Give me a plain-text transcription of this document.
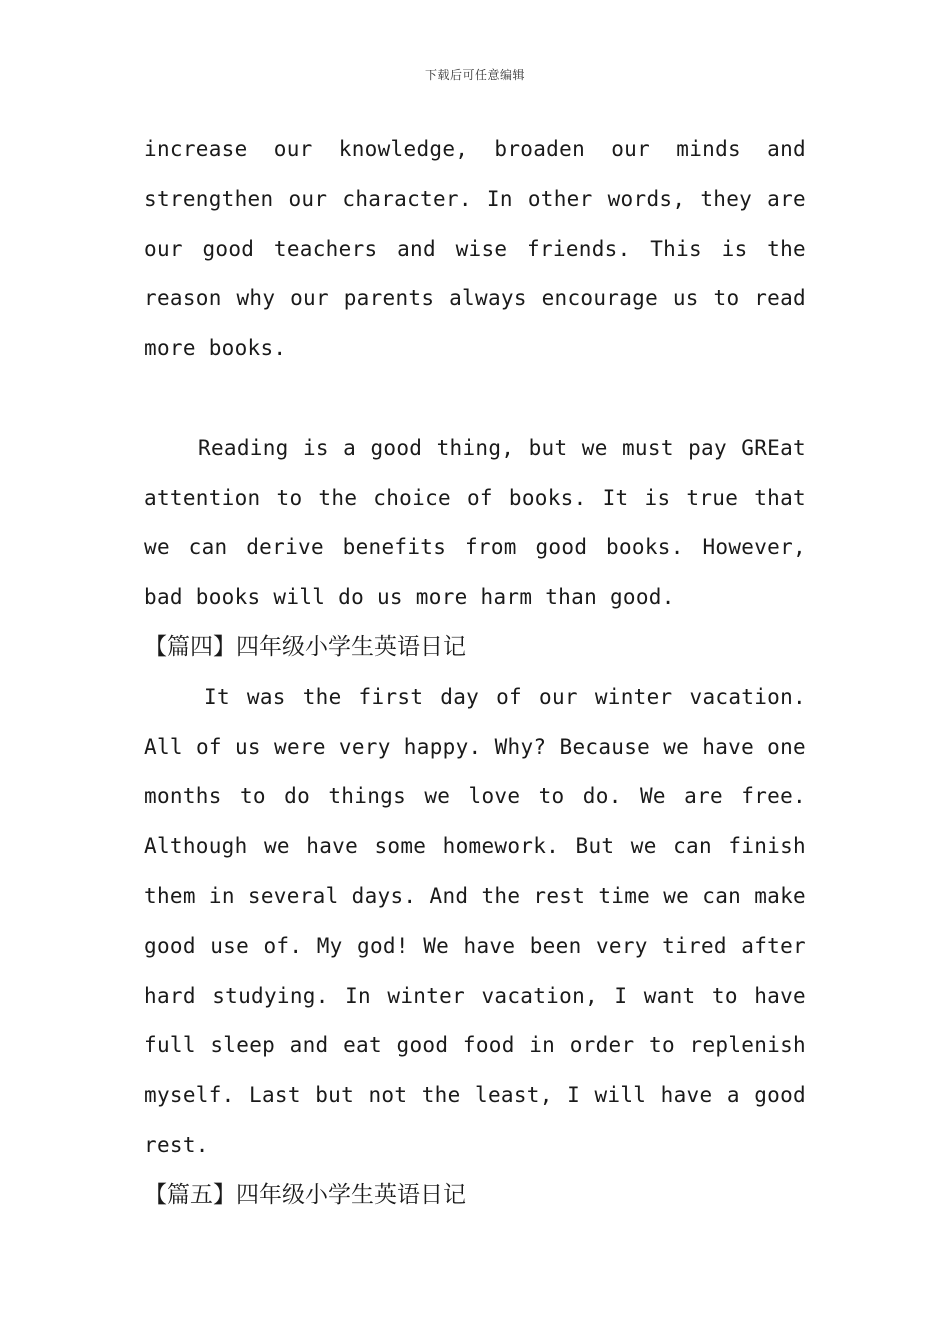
下载后可任意编辑

increase our knowledge, broaden our minds and strengthen our character. In other words, they are our good teachers and wise friends. This is the reason why our parents always encourage us to read more books.

Reading is a good thing, but we must pay GREat attention to the choice of books. It is true that we can derive benefits from good books. However, bad books will do us more harm than good.

【篇四】四年级小学生英语日记

It was the first day of our winter vacation. All of us were very happy. Why? Because we have one months to do things we love to do. We are free. Although we have some homework. But we can finish them in several days. And the rest time we can make good use of. My god! We have been very tired after hard studying. In winter vacation, I want to have full sleep and eat good food in order to replenish myself. Last but not the least, I will have a good rest.

【篇五】四年级小学生英语日记
